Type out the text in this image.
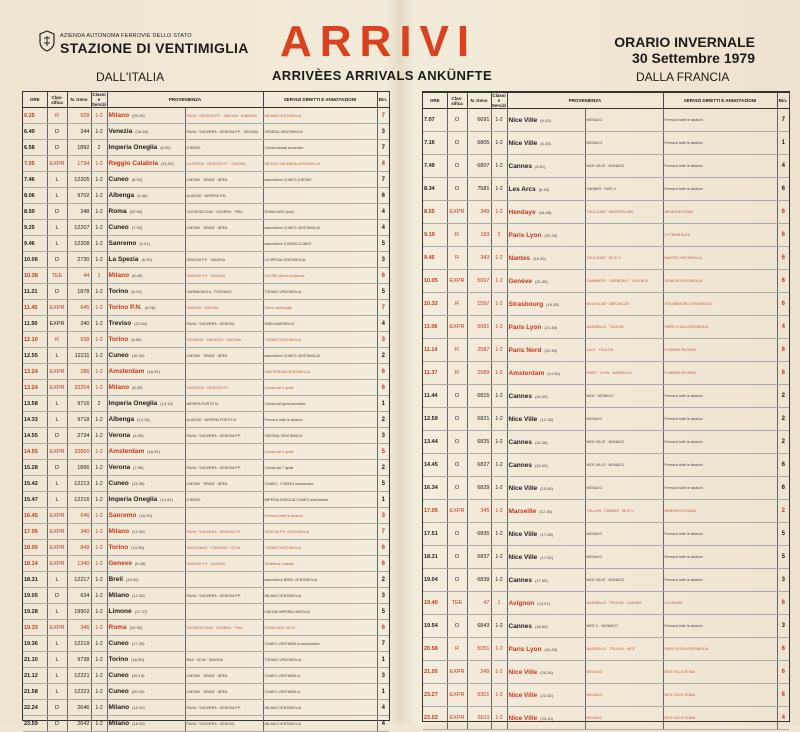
AZIENDA AUTONOMA FERROVIE DELLO STATO
STAZIONE DI VENTIMIGLIA ARRIVI
ARRIVÈES ARRIVALS ANKÜNFTE
ORARIO INVERNALE
30 Settembre 1979
DALL'ITALIA	DALLA FRANCIA
ORE	Clas-sifica	N. treno	Classi e Servizi	PROVENIENZA		SERVIZI DIRETTI E ANNOTAZIONI	Bin.
0.25	R	928	1-2	Milano (20.25)	PAVIA · GENOVA P.P. · SAVONA · ALBENGA	MILANO-VENTIMIGLIA	7
6.40	D	244	1-2	Venezia (18.55)	PAVIA · VOGHERA · GENOVA P.P. · SAVONA	VENEZIA-VENTIMIGLIA	3
6.58	D	1892	2	Imperia Oneglia (6.00)	S.REMO	Circola esclusi domenica	7
7.05	EXPR	1734	1-2	Reggio Calabria (15.00)	LA SPEZIA · GENOVA P.P. · SAVONA	REGGIO CALABRIA-VENTIMIGLIA	4
7.46	L	12205	1-2	Cuneo (5.32)	LIMONE · TENDE · BREIL	automotrice CUNEO-S.REMO	7
8.06	L	9702	1-2	Albenga (6.46)	ALASSIO · IMPERIA P.M.		6
8.50	D	248	1-2	Roma (22.50)	CIVITAVECCHIA · LIVORNO · PISA	ROMA-NICE (solo)	4
9.25	L	12207	1-2	Cuneo (7.30)	LIMONE · TENDE · BREIL	automotrice CUNEO-VENTIMIGLIA	4
9.46	L	12208	1-2	Sanremo (9.21)		automotrice S.REMO-CUNEO	5
10.06	D	2730	1-2	La Spezia (6.25)	GENOVA P.P. · SAVONA	LA SPEZIA-VENTIMIGLIA	3
10.38	TEE	44	1	Milano (6.45)	GENOVA P.P. · SAVONA	LIGURE Milano-Avignone	6
11.21	D	1878	1-2	Torino (6.10)	CARMAGNOLA · FOSSANO	TORINO-VENTIMIGLIA	5
11.45	EXPR	645	1-2	Torino P.N. (6.26)	GENOVA · SAVONA	Torino-Ventimiglia	7
11.50	EXPR	240	1-2	Treviso (21.05)	PAVIA · VOGHERA · GENOVA	WIEN-MARSEILLE	4
12.10	R	938	1-2	Torino (6.55)	FOSSANO · MONDOVI · SAVONA	TORINO-VENTIMIGLIA	3
12.55	L	12211	1-2	Cuneo (10.42)	LIMONE · TENDE · BREIL	automotrice CUNEO-VENTIMIGLIA	2
13.24	EXPR	286	1-2	Amsterdam (16.31)		AMSTERDAM-VENTIMIGLIA	6
13.24	EXPR	33204	1-2	Milano (8.35)	VOGHERA · GENOVA P.P.	Circola dal 5 aprile	6
13.58	L	9716	2	Imperia Oneglia (13.12)	IMPERIA PORTO M.	Circola nei giorni lavorativi	1
14.33	L	9718	1-2	Albenga (13.16)	ALASSIO · IMPERIA PORTO M.	Ferma in tutte le stazioni	2
14.55	D	2734	1-2	Verona (6.35)	PAVIA · VOGHERA · GENOVA P.P.	VERONA-VENTIMIGLIA	3
14.55	EXPR	33800	1-2	Amsterdam (16.31)		Circola dal 5 aprile	5
15.28	D	1896	1-2	Verona (7.55)	PAVIA · VOGHERA · GENOVA P.P.	Circola dal 7 aprile	2
15.42	L	12213	1-2	Cuneo (13.36)	LIMONE · TENDE · BREIL	CUNEO - S.REMO automotrice	5
15.47	L	12216	1-2	Imperia Oneglia (14.51)	S.REMO	IMPERIA ONEGLIA-CUNEO automotrice	1
16.45	EXPR	646	1-2	Sanremo (16.20)		Ferma in tutte le stazioni	3
17.06	EXPR	340	1-2	Milano (12.30)	PAVIA · VOGHERA · GENOVA P.P.	GENOVA P.P.-VENTIMIGLIA	7
18.00	EXPR	848	1-2	Torino (13.35)	SAVIGLIANO · FOSSANO · CEVA	TORINO-VENTIMIGLIA	6
18.14	EXPR	1340	1-2	Geneve (6.49)	GENOVA P.P. · ALASSIO	Si effettua il sabato	6
18.31	L	12217	1-2	Breil (18.00)		automotrice BREIL-VENTIMIGLIA	2
19.05	D	634	1-2	Milano (12.35)	PAVIA · VOGHERA · GENOVA P.P.	MILANO-VENTIMIGLIA	3
19.28	L	19902	1-2	Limone (17.37)		LIMONE-IMPERIA ONEGLIA	5
19.33	EXPR	346	1-2	Roma (10.30)	CIVITAVECCHIA · LIVORNO · PISA	ROMA-NICE-VILLE	6
19.36	L	12219	1-2	Cuneo (17.30)		CUNEO-VENTIMIGLIA automotrice	7
21.10	L	9738	1-2	Torino (16.55)	BRA · CEVA · SAVONA	TORINO-VENTIMIGLIA	1
21.12	L	12221	1-2	Cuneo (19.15)	LIMONE · TENDE · BREIL	CUNEO-VENTIMIGLIA	3
21.58	L	12223	1-2	Cuneo (20.00)	LIMONE · TENDE · BREIL	CUNEO-VENTIMIGLIA	1
22.24	D	2646	1-2	Milano (15.30)	PAVIA · VOGHERA · GENOVA P.P.	MILANO-VENTIMIGLIA	4
23.59	D	2642	1-2	Milano (18.30)	PAVIA · VOGHERA · GENOVA	MILANO-VENTIMIGLIA	4
ORE	Clas-sifica	N. treno	Classi e Servizi	PROVENIENZA		SERVIZI DIRETTI E ANNOTAZIONI	Bin.
7.07	O	6691	1-2	Nice Ville (6.20)	MONACO	Ferma in tutte le stazioni	7
7.16	O	6805	1-2	Nice Ville (6.30)	MONACO	Ferma in tutte le stazioni	1
7.49	O	6807	1-2	Cannes (6.51)	NICE VILLE · MONACO	Ferma in tutte le stazioni	4
8.34	O	7581	1-2	Les Arcs (6.16)	CANNES · NICE V.	Ferma in tutte le stazioni	6
8.55	EXPR	349	1-2	Hendaye (16.45)	TOULOUSE · MONTPELLIER	HENDAYE-ROMA	6
9.19	R	183	2	Paris Lyon (20.25)		LE TRAIN BLEU	6
9.45	R	343	1-2	Nantes (16.29)	TOULOUSE · NICE V.	NANTES-VENTIMIGLIA	6
10.05	EXPR	5697	1-2	Genève (21.45)	CHAMBERY · GRENOBLE · VALENCE	GENEVE-VENTIMIGLIA	6
10.32	R	1597	1-2	Strasbourg (19.35)	MULHOUSE · BESANCON	STRASBOURG-VENTIMIGLIA	6
11.06	EXPR	5061	1-2	Paris Lyon (21.40)	MARSEILLE · TOULON	PARIS LYON-VENTIMIGLIA	4
11.14	R	2587	1-2	Paris Nord (20.35)	LILLE · TOULON	FLANDRE RIVIERA	6
11.37	R	2589	1-2	Amsterdam (14.34)	PARIS · LYON · MARSEILLE	FLANDRE RIVIERA	6
11.44	O	6815	1-2	Cannes (10.40)	NICE · MONACO	Ferma in tutte le stazioni	2
12.59	O	6821	1-2	Nice Ville (12.18)	MONACO	Ferma in tutte le stazioni	2
13.44	O	6825	1-2	Cannes (12.38)	NICE VILLE · MONACO	Ferma in tutte le stazioni	2
14.45	O	6827	1-2	Cannes (13.40)	NICE VILLE · MONACO	Ferma in tutte le stazioni	6
16.34	O	6829	1-2	Nice Ville (15.50)	MONACO	Ferma in tutte le stazioni	6
17.05	EXPR	345	1-2	Marseille (12.35)	TOULON · CANNES · NICE V.	MARSEILLE-ROMA	2
17.51	O	6835	1-2	Nice Ville (17.08)	MONACO	Ferma in tutte le stazioni	5
18.31	O	6837	1-2	Nice Ville (17.50)	MONACO	Ferma in tutte le stazioni	5
19.04	O	6839	1-2	Cannes (17.55)	NICE VILLE · MONACO	Ferma in tutte le stazioni	3
19.40	TEE	47	1	Avignon (13.47)	MARSEILLE · TOULON · CANNES	LE LIGURE	6
19.54	O	6843	1-2	Cannes (18.50)	NICE V. · MONACO	Ferma in tutte le stazioni	3
20.58	R	5051	1-2	Paris Lyon (10.28)	MARSEILLE · TOULON · NICE	PARIS LYON-VENTIMIGLIA	6
21.05	EXPR	249	1-2	Nice Ville (20.26)	MONACO	NICE VILLE-ROMA	6
23.27	EXPR	5301	1-2	Nice Ville (22.50)	MONACO	NICE VILLE-ROMA	6
23.52	EXPR	5611	1-2	Nice Ville (23.10)	MONACO	NICE VILLE-ROMA	4
